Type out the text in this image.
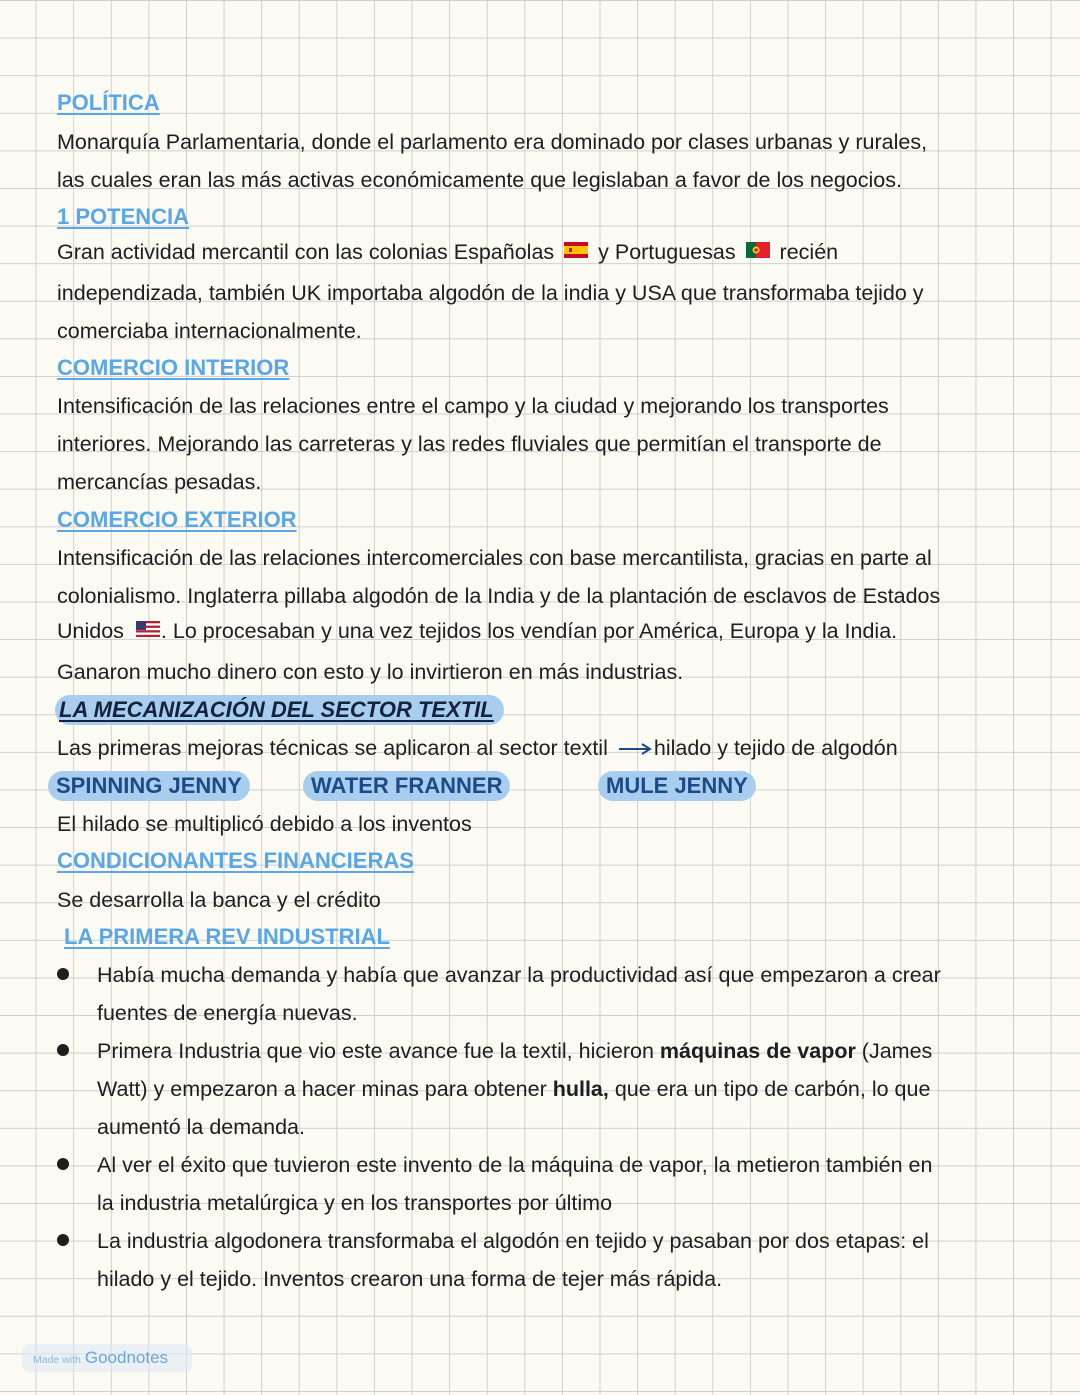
POLÍTICA
Monarquía Parlamentaria, donde el parlamento era dominado por clases urbanas y rurales,
las cuales eran las más activas económicamente que legislaban a favor de los negocios.
1 POTENCIA
Gran actividad mercantil con las colonias Españolas y Portuguesas recién
independizada, también UK importaba algodón de la india y USA que transformaba tejido y
comerciaba internacionalmente.
COMERCIO INTERIOR
Intensificación de las relaciones entre el campo y la ciudad y mejorando los transportes
interiores. Mejorando las carreteras y las redes fluviales que permitían el transporte de
mercancías pesadas.
COMERCIO EXTERIOR
Intensificación de las relaciones intercomerciales con base mercantilista, gracias en parte al
colonialismo. Inglaterra pillaba algodón de la India y de la plantación de esclavos de Estados
Unidos . Lo procesaban y una vez tejidos los vendían por América, Europa y la India.
Ganaron mucho dinero con esto y lo invirtieron en más industrias.
LA MECANIZACIÓN DEL SECTOR TEXTIL
Las primeras mejoras técnicas se aplicaron al sector textil hilado y tejido de algodón
SPINNING JENNY	WATER FRANNER	MULE JENNY
El hilado se multiplicó debido a los inventos
CONDICIONANTES FINANCIERAS
Se desarrolla la banca y el crédito
LA PRIMERA REV INDUSTRIAL
Había mucha demanda y había que avanzar la productividad así que empezaron a crear
fuentes de energía nuevas.
Primera Industria que vio este avance fue la textil, hicieron máquinas de vapor (James
Watt) y empezaron a hacer minas para obtener hulla, que era un tipo de carbón, lo que
aumentó la demanda.
Al ver el éxito que tuvieron este invento de la máquina de vapor, la metieron también en
la industria metalúrgica y en los transportes por último
La industria algodonera transformaba el algodón en tejido y pasaban por dos etapas: el
hilado y el tejido. Inventos crearon una forma de tejer más rápida.
Made with Goodnotes
